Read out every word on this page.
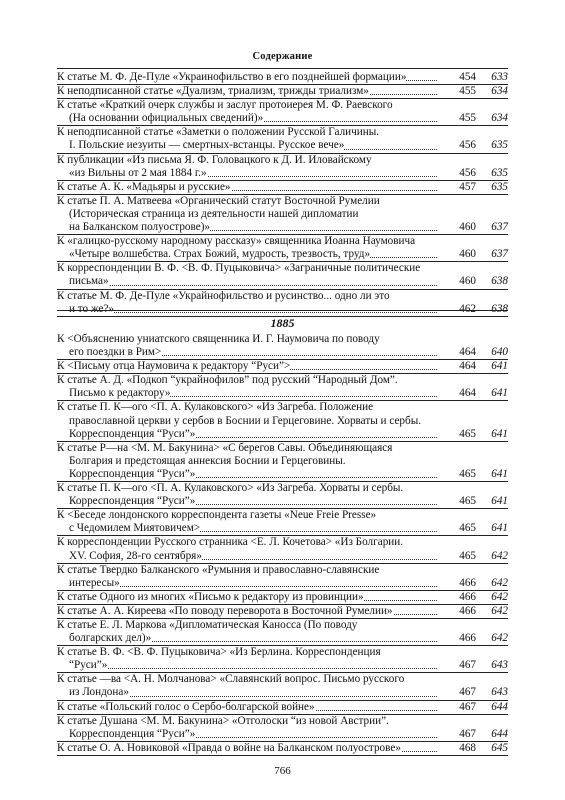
Содержание
К статье М. Ф. Де-Пуле «Украинофильство в его позднейшей формации»	454	633
К неподписанной статье «Дуализм, триализм, трижды триализм»	455	634
К статье «Краткий очерк службы и заслуг протоиерея М. Ф. Раевского
(На основании официальных сведений)»	455	634
К неподписанной статье «Заметки о положении Русской Галичины.
I. Польские иезуиты — смертных-встанцы. Русское вече»	456	635
К публикации «Из письма Я. Ф. Головацкого к Д. И. Иловайскому
«из Вильны от 2 мая 1884 г.»	456	635
К статье А. К. «Мадьяры и русские»	457	635
К статье П. А. Матвеева «Органический статут Восточной Румелии
(Историческая страница из деятельности нашей дипломатии
на Балканском полуострове)»	460	637
К «галицко-русскому народному рассказу» священника Иоанна Наумовича
«Четыре волшебства. Страх Божий, мудрость, трезвость, труд»	460	637
К корреспонденции В. Ф. <В. Ф. Пуцыковича> «Заграничные политические
письма»	460	638
К статье М. Ф. Де-Пуле «Украйнофильство и русинство... одно ли это
и то же?»	462	638
1885
К <Объяснению униатского священника И. Г. Наумовича по поводу
его поездки в Рим>	464	640
К <Письму отца Наумовича к редактору “Руси”>	464	641
К статье А. Д. «Подкоп “украйнофилов” под русский “Народный Дом”.
Письмо к редактору»	464	641
К статье П. К—ого <П. А. Кулаковского> «Из Загреба. Положение
православной церкви у сербов в Боснии и Герцеговине. Хорваты и сербы.
Корреспонденция “Руси”»	465	641
К статье Р—на <М. М. Бакунина> «С берегов Савы. Объединяющаяся
Болгария и предстоящая аннексия Боснии и Герцеговины.
Корреспонденция “Руси”»	465	641
К статье П. К—ого <П. А. Кулаковского> «Из Загреба. Хорваты и сербы.
Корреспонденция “Руси”»	465	641
К <Беседе лондонского корреспондента газеты «Neue Freie Presse»
с Чедомилем Миятовичем>	465	641
К корреспонденции Русского странника <Е. Л. Кочетова> «Из Болгарии.
XV. София, 28-го сентября»	465	642
К статье Твердко Балканского «Румыния и православно-славянские
интересы»	466	642
К статье Одного из многих «Письмо к редактору из провинции»	466	642
К статье А. А. Киреева «По поводу переворота в Восточной Румелии»	466	642
К статье Е. Л. Маркова «Дипломатическая Каносса (По поводу
болгарских дел)»	466	642
К статье В. Ф. <В. Ф. Пуцыковича> «Из Берлина. Корреспонденция
“Руси”»	467	643
К статье —ва <А. Н. Молчанова> «Славянский вопрос. Письмо русского
из Лондона»	467	643
К статье «Польский голос о Сербо-болгарской войне»	467	644
К статье Душана <М. М. Бакунина> «Отголоски “из новой Австрии”.
Корреспонденция “Руси”»	467	644
К статье О. А. Новиковой «Правда о войне на Балканском полуострове»	468	645
766
